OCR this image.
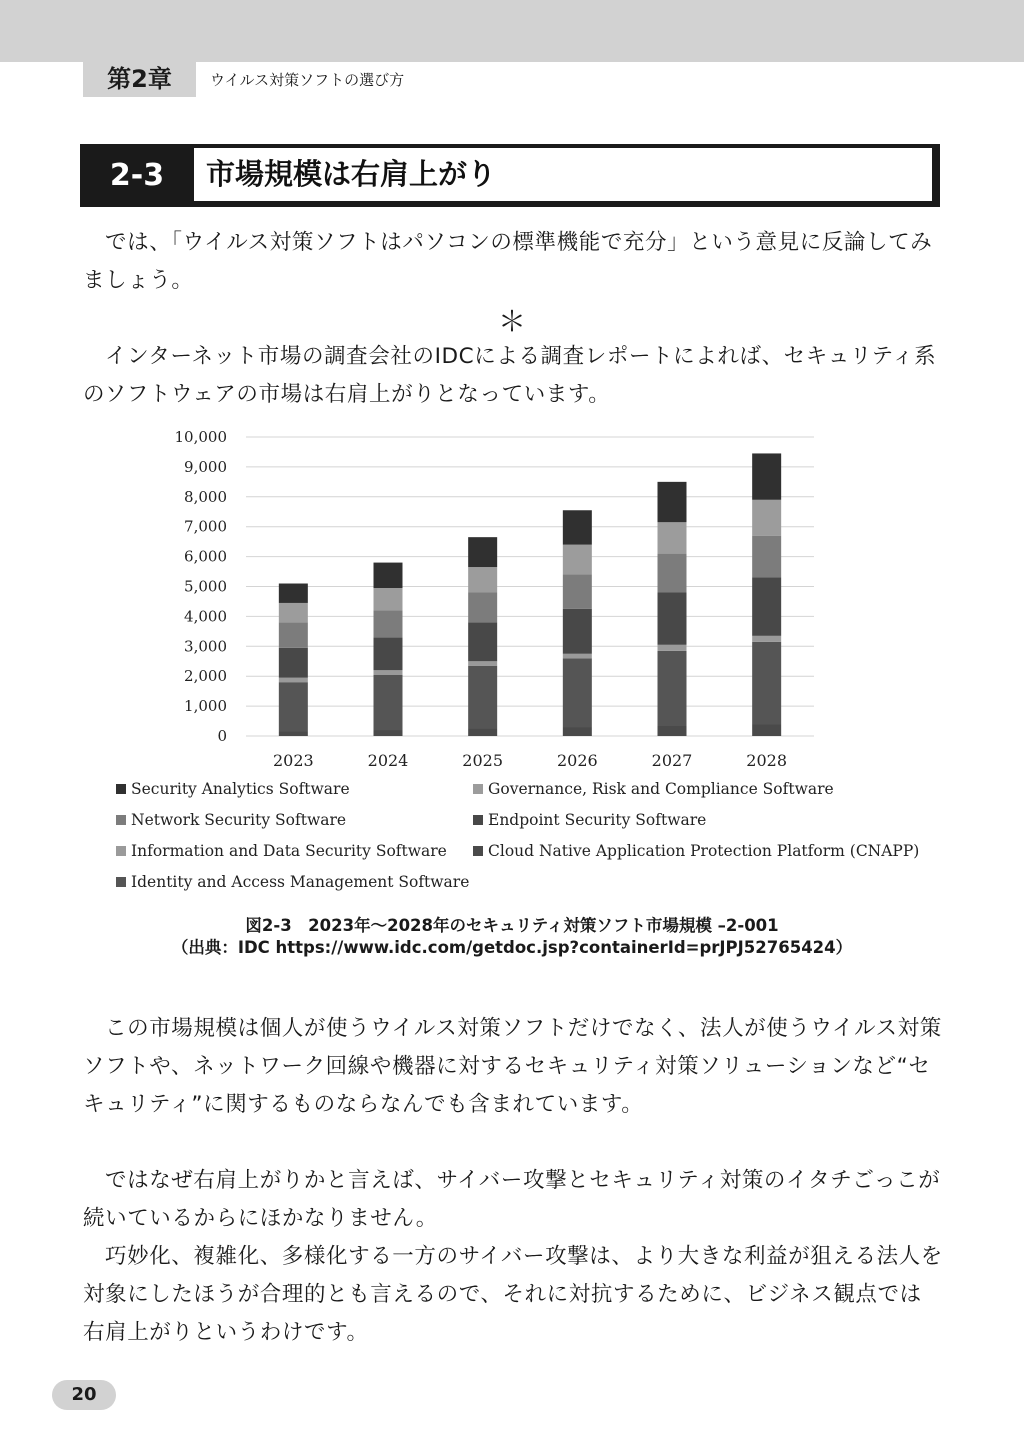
第2章	ウイルス対策ソフトの選び方
2-3	市場規模は右肩上がり

では、「ウイルス対策ソフトはパソコンの標準機能で充分」という意見に反論してみましょう。

＊

インターネット市場の調査会社のIDCによる調査レポートによれば、セキュリティ系のソフトウェアの市場は右肩上がりとなっています。

0
1,000
2,000
3,000
4,000
5,000
6,000
7,000
8,000
9,000
10,000
2023	2024	2025	2026	2027	2028
Security Analytics Software
Network Security Software
Information and Data Security Software
Identity and Access Management Software
Governance, Risk and Compliance Software
Endpoint Security Software
Cloud Native Application Protection Platform (CNAPP)
図2-3　2023年〜2028年のセキュリティ対策ソフト市場規模 –2-001
（出典：IDC https://www.idc.com/getdoc.jsp?containerId=prJPJ52765424）

この市場規模は個人が使うウイルス対策ソフトだけでなく、法人が使うウイルス対策ソフトや、ネットワーク回線や機器に対するセキュリティ対策ソリューションなど“セキュリティ”に関するものならなんでも含まれています。

ではなぜ右肩上がりかと言えば、サイバー攻撃とセキュリティ対策のイタチごっこが続いているからにほかなりません。

巧妙化、複雑化、多様化する一方のサイバー攻撃は、より大きな利益が狙える法人を対象にしたほうが合理的とも言えるので、それに対抗するために、ビジネス観点では右肩上がりというわけです。

20
